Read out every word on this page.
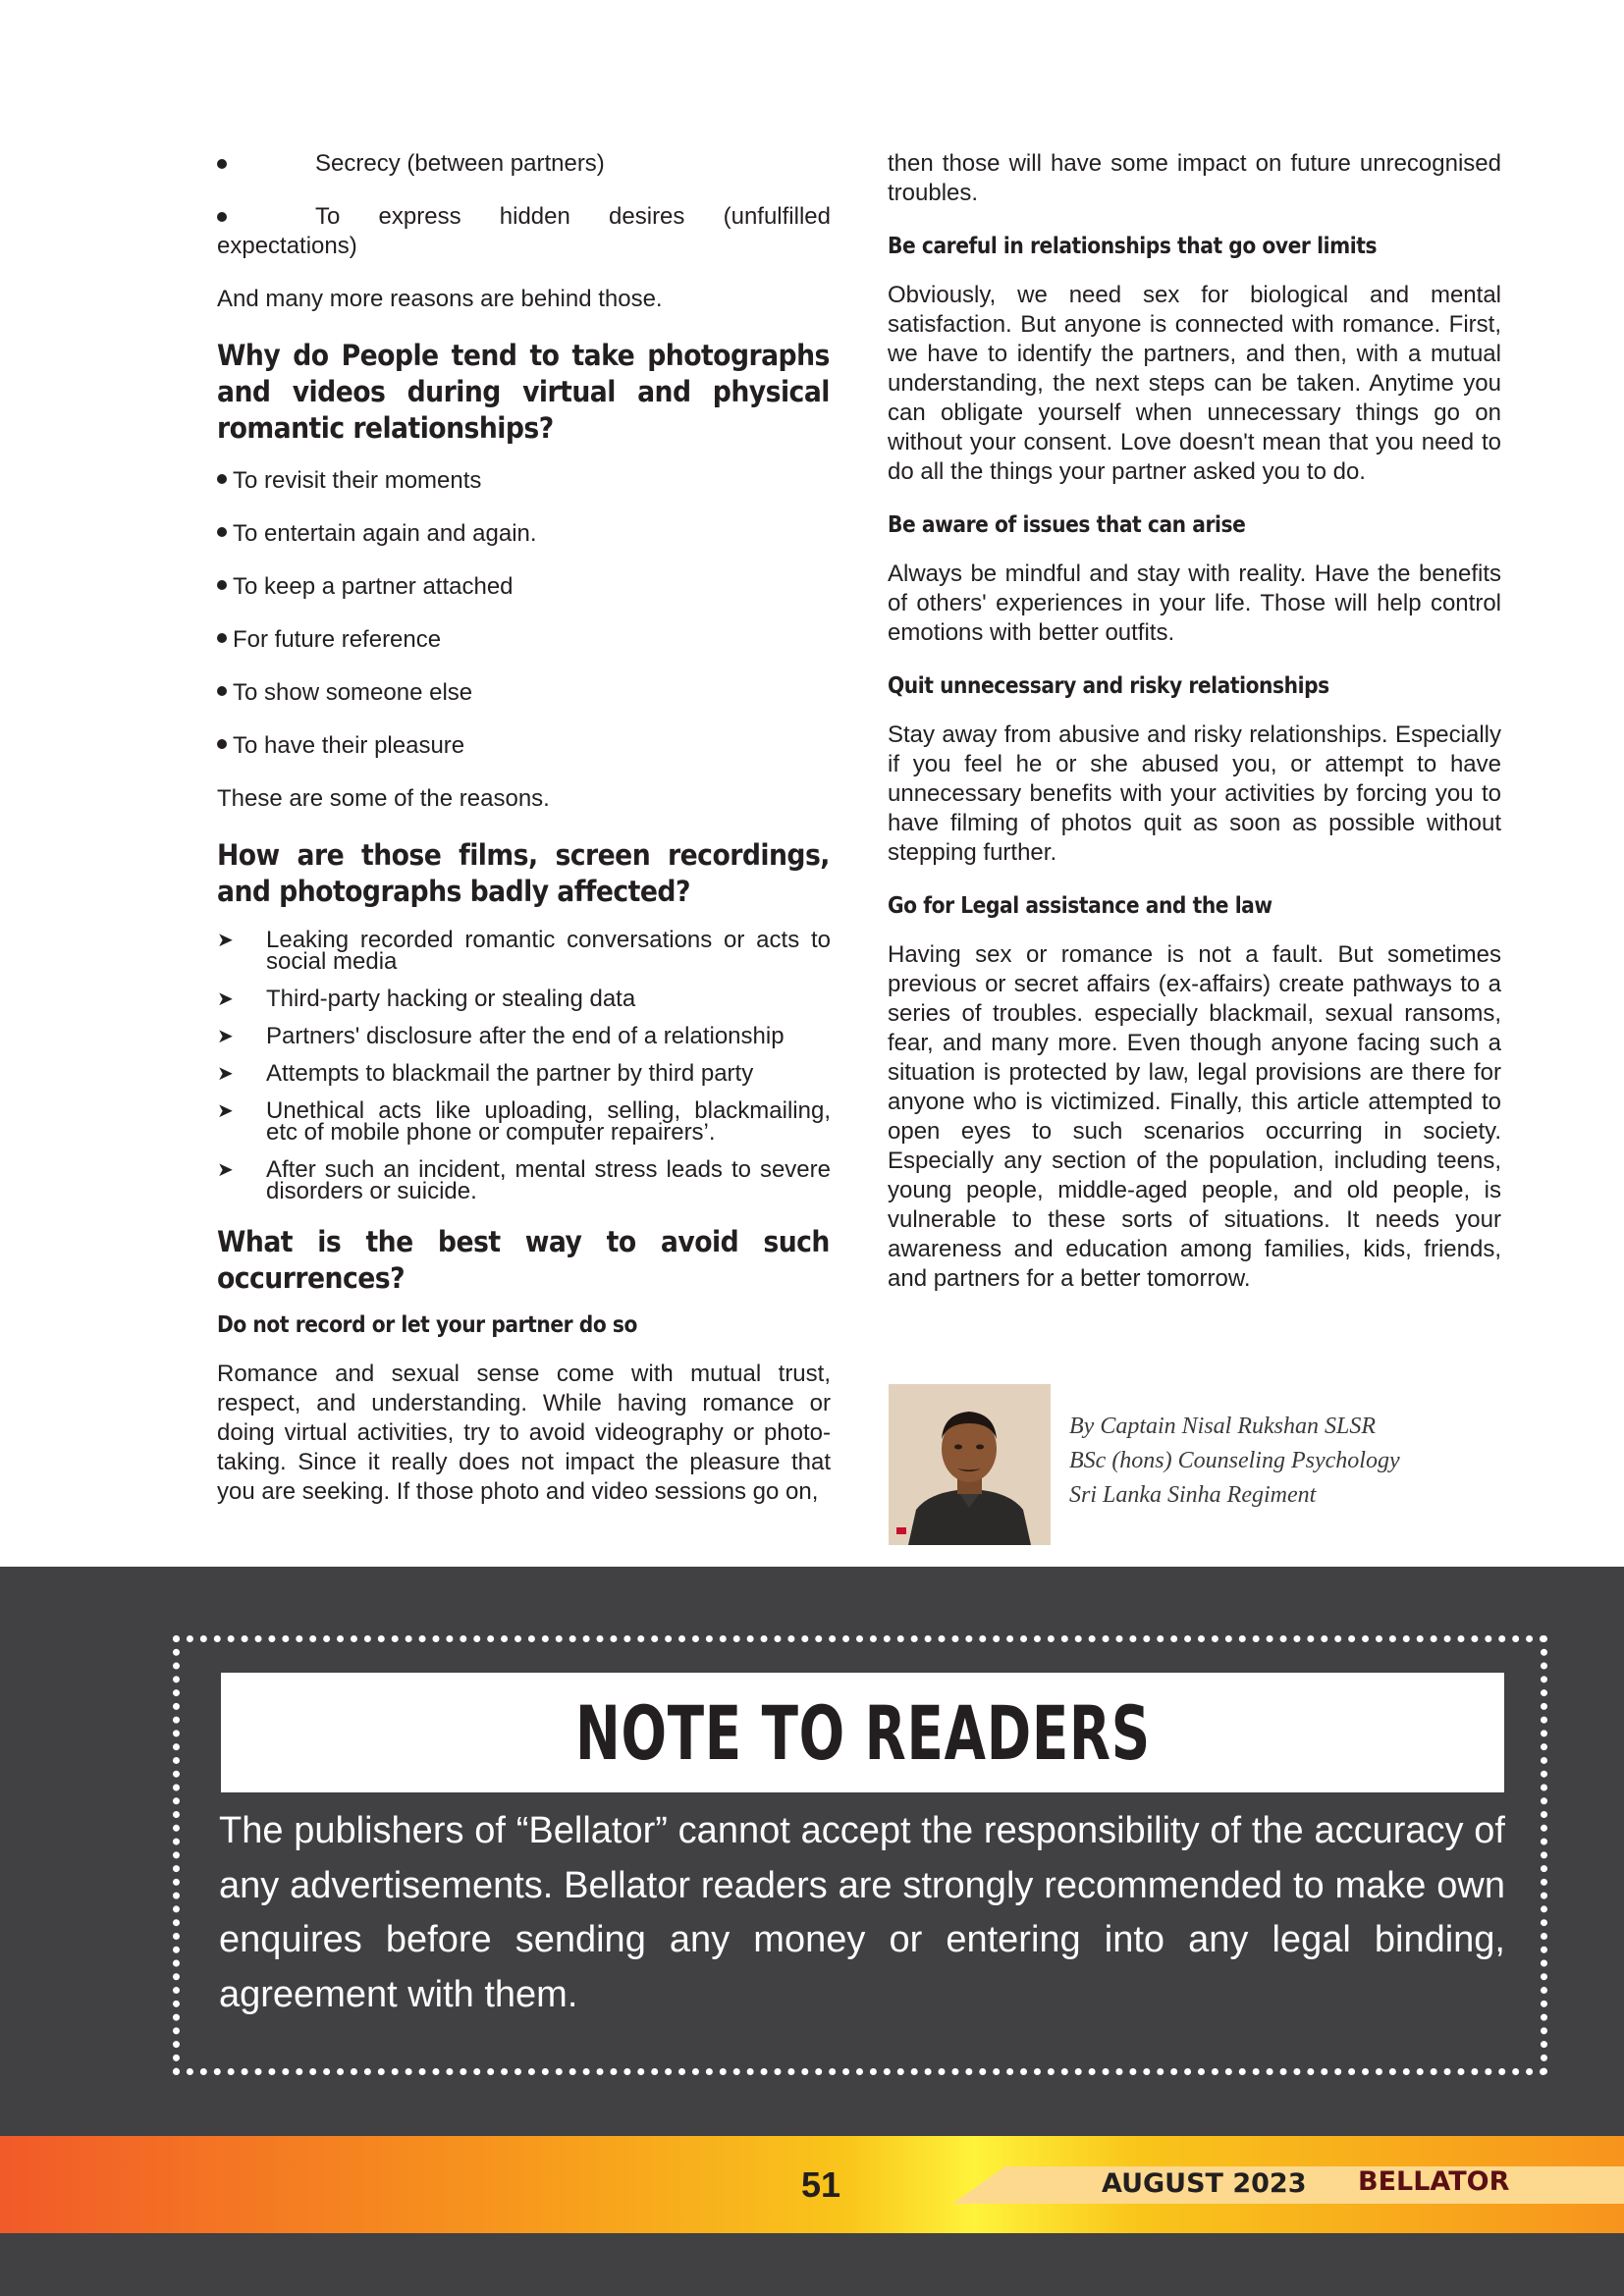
Secrecy (between partners)

To express hidden desires (unfulfilled expectations)

And many more reasons are behind those.

Why do People tend to take photographs and videos during virtual and physical romantic relationships?
To revisit their moments
To entertain again and again.
To keep a partner attached
For future reference
To show someone else
To have their pleasure

These are some of the reasons.

How are those films, screen recordings, and photographs badly affected?
➤	Leaking recorded romantic conversations or acts to social media
➤	Third-party hacking or stealing data
➤	Partners' disclosure after the end of a relationship
➤	Attempts to blackmail the partner by third party
➤	Unethical acts like uploading, selling, blackmailing, etc of mobile phone or computer repairers’.
➤	After such an incident, mental stress leads to severe disorders or suicide.
What is the best way to avoid such occurrences?
Do not record or let your partner do so

Romance and sexual sense come with mutual trust, respect, and understanding. While having romance or doing virtual activities, try to avoid videography or photo-taking. Since it really does not impact the pleasure that you are seeking. If those photo and video sessions go on,

then those will have some impact on future unrecognised troubles.

Be careful in relationships that go over limits

Obviously, we need sex for biological and mental satisfaction. But anyone is connected with romance. First, we have to identify the partners, and then, with a mutual understanding, the next steps can be taken. Anytime you can obligate yourself when unnecessary things go on without your consent. Love doesn't mean that you need to do all the things your partner asked you to do.

Be aware of issues that can arise

Always be mindful and stay with reality. Have the benefits of others' experiences in your life. Those will help control emotions with better outfits.

Quit unnecessary and risky relationships

Stay away from abusive and risky relationships. Especially if you feel he or she abused you, or attempt to have unnecessary benefits with your activities by forcing you to have filming of photos quit as soon as possible without stepping further.

Go for Legal assistance and the law

Having sex or romance is not a fault. But sometimes previous or secret affairs (ex-affairs) create pathways to a series of troubles. especially blackmail, sexual ransoms, fear, and many more. Even though anyone facing such a situation is protected by law, legal provisions are there for anyone who is victimized. Finally, this article attempted to open eyes to such scenarios occurring in society. Especially any section of the population, including teens, young people, middle-aged people, and old people, is vulnerable to these sorts of situations. It needs your awareness and education among families, kids, friends, and partners for a better tomorrow.

By Captain Nisal Rukshan SLSR
BSc (hons) Counseling Psychology
Sri Lanka Sinha Regiment
NOTE TO READERS
The publishers of “Bellator” cannot accept the responsibility of the accuracy of any advertisements. Bellator readers are strongly recommended to make own enquires before sending any money or entering into any legal binding, agreement with them.
51	AUGUST 2023 BELLATOR
